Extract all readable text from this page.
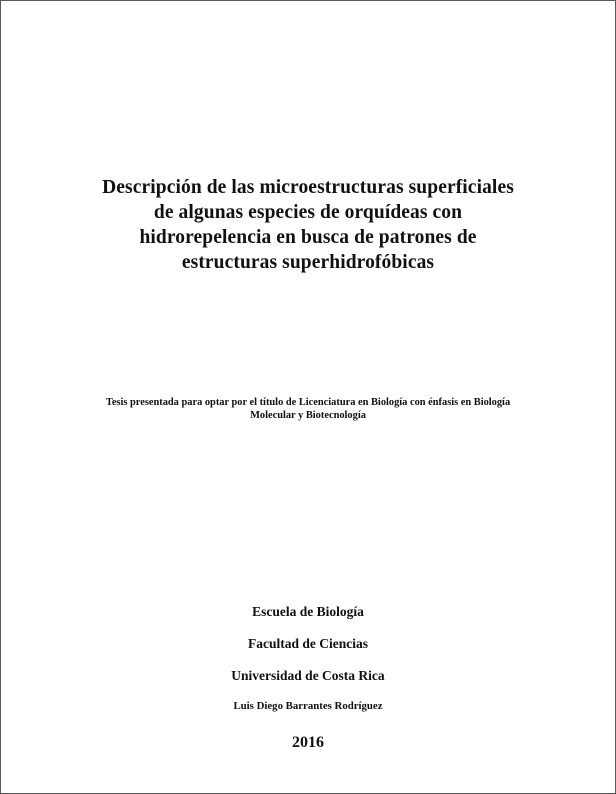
Descripción de las microestructuras superficiales
de algunas especies de orquídeas con
hidrorepelencia en busca de patrones de
estructuras superhidrofóbicas
Tesis presentada para optar por el título de Licenciatura en Biología con énfasis en Biología
Molecular y Biotecnología
Escuela de Biología
Facultad de Ciencias
Universidad de Costa Rica
Luis Diego Barrantes Rodríguez
2016
